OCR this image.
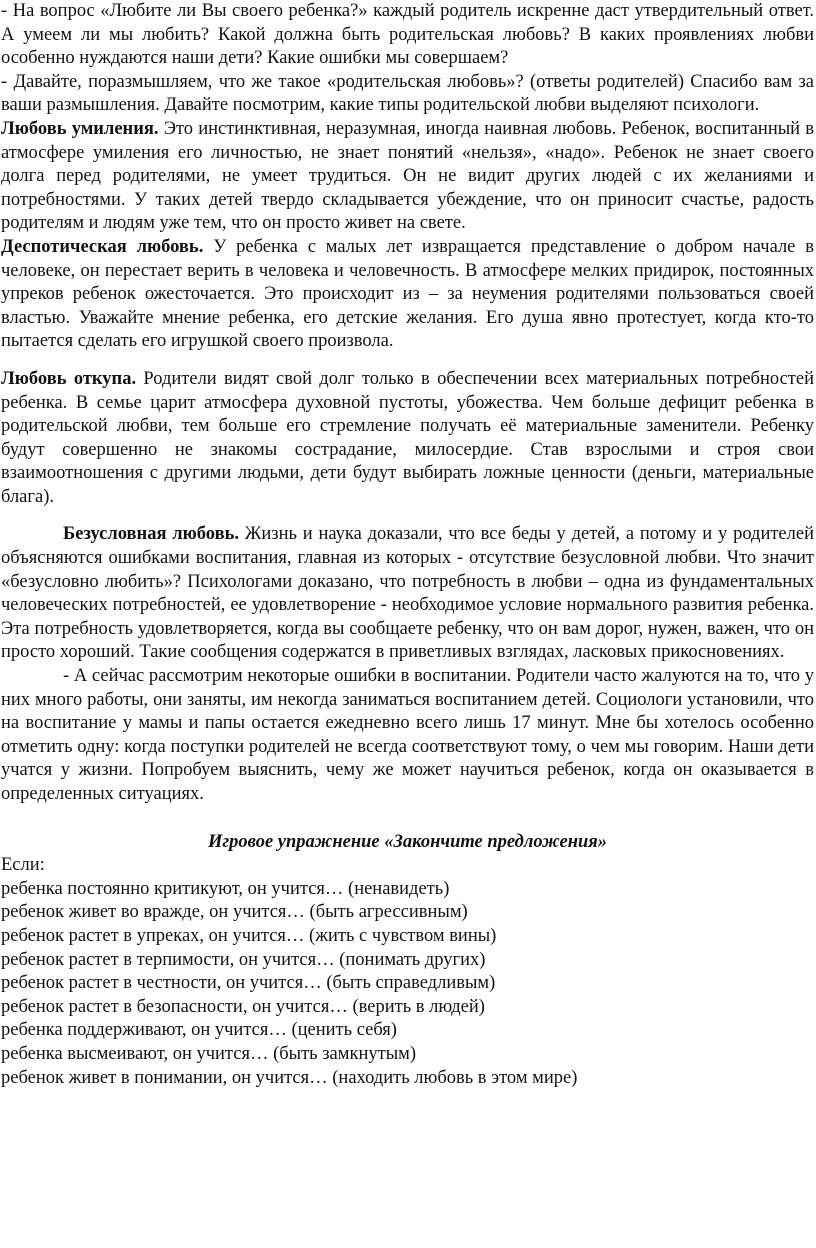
- На вопрос «Любите ли Вы своего ребенка?» каждый родитель искренне даст утвердительный ответ. А умеем ли мы любить? Какой должна быть родительская любовь? В каких проявлениях любви особенно нуждаются наши дети? Какие ошибки мы совершаем?

- Давайте, поразмышляем, что же такое «родительская любовь»? (ответы родителей) Спасибо вам за ваши размышления. Давайте посмотрим, какие типы родительской любви выделяют психологи.

Любовь умиления. Это инстинктивная, неразумная, иногда наивная любовь. Ребенок, воспитанный в атмосфере умиления его личностью, не знает понятий «нельзя», «надо». Ребенок не знает своего долга перед родителями, не умеет трудиться. Он не видит других людей с их желаниями и потребностями. У таких детей твердо складывается убеждение, что он приносит счастье, радость родителям и людям уже тем, что он просто живет на свете.

Деспотическая любовь. У ребенка с малых лет извращается представление о добром начале в человеке, он перестает верить в человека и человечность. В атмосфере мелких придирок, постоянных упреков ребенок ожесточается. Это происходит из – за неумения родителями пользоваться своей властью. Уважайте мнение ребенка, его детские желания. Его душа явно протестует, когда кто-то пытается сделать его игрушкой своего произвола.

Любовь откупа. Родители видят свой долг только в обеспечении всех материальных потребностей ребенка. В семье царит атмосфера духовной пустоты, убожества. Чем больше дефицит ребенка в родительской любви, тем больше его стремление получать её материальные заменители. Ребенку будут совершенно не знакомы сострадание, милосердие. Став взрослыми и строя свои взаимоотношения с другими людьми, дети будут выбирать ложные ценности (деньги, материальные блага).

Безусловная любовь. Жизнь и наука доказали, что все беды у детей, а потому и у родителей объясняются ошибками воспитания, главная из которых - отсутствие безусловной любви. Что значит «безусловно любить»? Психологами доказано, что потребность в любви – одна из фундаментальных человеческих потребностей, ее удовлетворение - необходимое условие нормального развития ребенка. Эта потребность удовлетворяется, когда вы сообщаете ребенку, что он вам дорог, нужен, важен, что он просто хороший. Такие сообщения содержатся в приветливых взглядах, ласковых прикосновениях.

- А сейчас рассмотрим некоторые ошибки в воспитании. Родители часто жалуются на то, что у них много работы, они заняты, им некогда заниматься воспитанием детей. Социологи установили, что на воспитание у мамы и папы остается ежедневно всего лишь 17 минут. Мне бы хотелось особенно отметить одну: когда поступки родителей не всегда соответствуют тому, о чем мы говорим. Наши дети учатся у жизни. Попробуем выяснить, чему же может научиться ребенок, когда он оказывается в определенных ситуациях.

Игровое упражнение «Закончите предложения»

Если:

ребенка постоянно критикуют, он учится… (ненавидеть)

ребенок живет во вражде, он учится… (быть агрессивным)

ребенок растет в упреках, он учится… (жить с чувством вины)

ребенок растет в терпимости, он учится… (понимать других)

ребенок растет в честности, он учится… (быть справедливым)

ребенок растет в безопасности, он учится… (верить в людей)

ребенка поддерживают, он учится… (ценить себя)

ребенка высмеивают, он учится… (быть замкнутым)

ребенок живет в понимании, он учится… (находить любовь в этом мире)
